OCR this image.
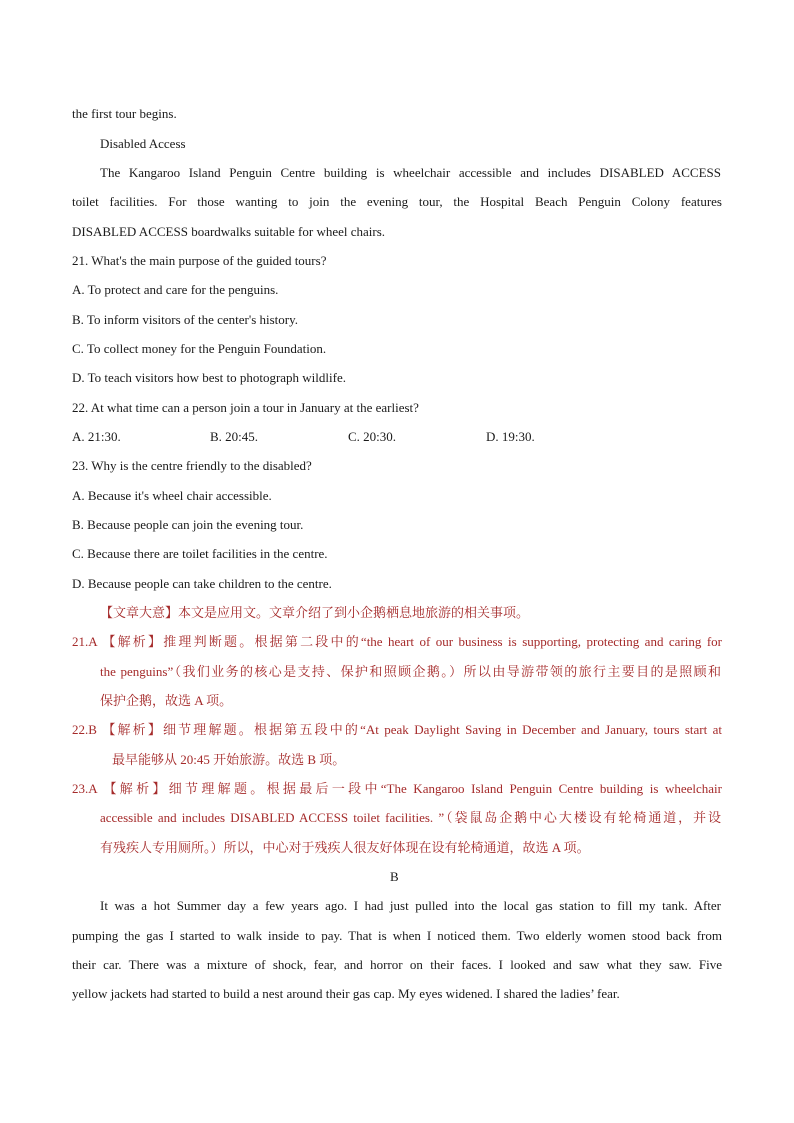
the first tour begins.
Disabled Access
The Kangaroo Island Penguin Centre building is wheelchair accessible and includes DISABLED ACCESS
toilet facilities. For those wanting to join the evening tour, the Hospital Beach Penguin Colony features
DISABLED ACCESS boardwalks suitable for wheel chairs.
21. What's the main purpose of the guided tours?
A. To protect and care for the penguins.
B. To inform visitors of the center's history.
C. To collect money for the Penguin Foundation.
D. To teach visitors how best to photograph wildlife.
22. At what time can a person join a tour in January at the earliest?
A. 21:30.	B. 20:45.	C. 20:30.	D. 19:30.
23. Why is the centre friendly to the disabled?
A. Because it's wheel chair accessible.
B. Because people can join the evening tour.
C. Because there are toilet facilities in the centre.
D. Because people can take children to the centre.
【文章大意】本文是应用文。文章介绍了到小企鹅栖息地旅游的相关事项。
21.A 【解析】推理判断题。根据第二段中的“the heart of our business is supporting, protecting and caring for
the penguins”（我们业务的核心是支持、保护和照顾企鹅。）所以由导游带领的旅行主要目的是照顾和
保护企鹅，故选 A 项。
22.B 【解析】细节理解题。根据第五段中的“At peak Daylight Saving in December and January, tours start at
最早能够从 20:45 开始旅游。故选 B 项。
23.A 【解析】细节理解题。根据最后一段中“The Kangaroo Island Penguin Centre building is wheelchair
accessible and includes DISABLED ACCESS toilet facilities. ”（袋鼠岛企鹅中心大楼设有轮椅通道，并设
有残疾人专用厕所。）所以，中心对于残疾人很友好体现在设有轮椅通道，故选 A 项。
B
It was a hot Summer day a few years ago. I had just pulled into the local gas station to fill my tank. After
pumping the gas I started to walk inside to pay. That is when I noticed them. Two elderly women stood back from
their car. There was a mixture of shock, fear, and horror on their faces. I looked and saw what they saw. Five
yellow jackets had started to build a nest around their gas cap. My eyes widened. I shared the ladies’ fear.
